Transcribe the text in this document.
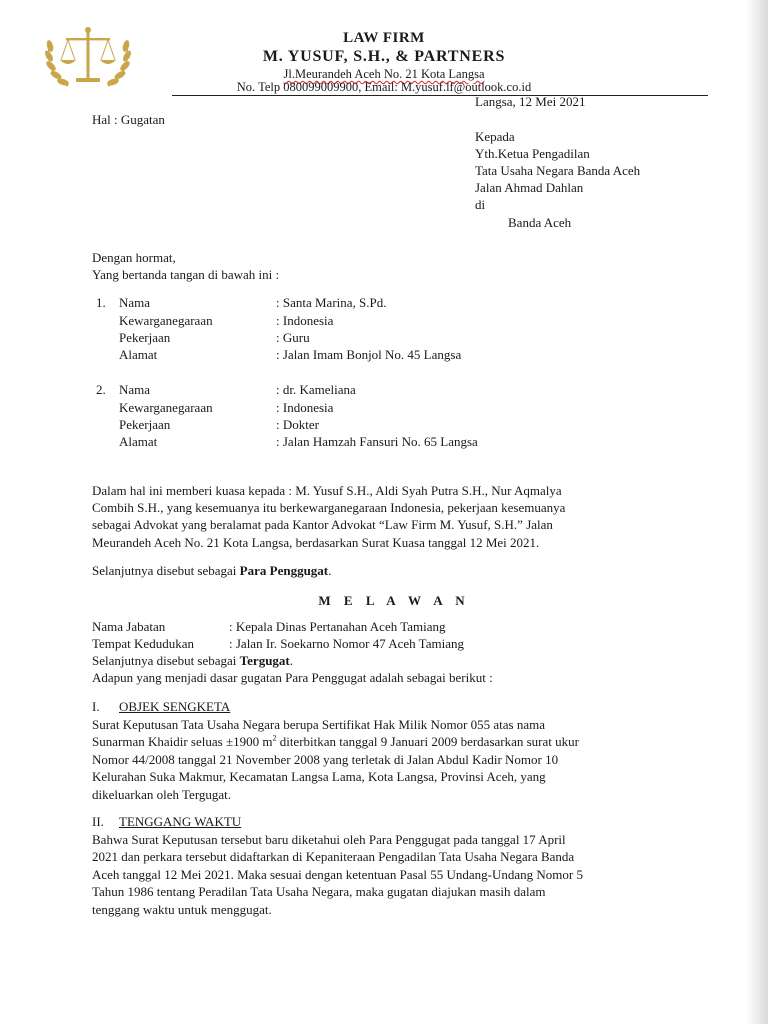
LAW FIRM
M. YUSUF, S.H., & PARTNERS
Jl.Meurandeh Aceh No. 21 Kota Langsa
No. Telp 080099009900, Email: M.yusuf.lf@outlook.co.id
Langsa, 12 Mei 2021
Hal : Gugatan
Kepada
Yth.Ketua Pengadilan
Tata Usaha Negara Banda Aceh
Jalan Ahmad Dahlan
di
Banda Aceh
Dengan hormat,
Yang bertanda tangan di bawah ini :
1. Nama	: Santa Marina, S.Pd.
Kewarganegaraan	: Indonesia
Pekerjaan	: Guru
Alamat	: Jalan Imam Bonjol No. 45 Langsa
2. Nama	: dr. Kameliana
Kewarganegaraan	: Indonesia
Pekerjaan	: Dokter
Alamat	: Jalan Hamzah Fansuri No. 65 Langsa
Dalam hal ini memberi kuasa kepada : M. Yusuf S.H., Aldi Syah Putra S.H., Nur Aqmalya
Combih S.H., yang kesemuanya itu berkewarganegaraan Indonesia, pekerjaan kesemuanya
sebagai Advokat yang beralamat pada Kantor Advokat “Law Firm M. Yusuf, S.H.” Jalan
Meurandeh Aceh No. 21 Kota Langsa, berdasarkan Surat Kuasa tanggal 12 Mei 2021.
Selanjutnya disebut sebagai Para Penggugat.
M E L A W A N
Nama Jabatan	: Kepala Dinas Pertanahan Aceh Tamiang
Tempat Kedudukan	: Jalan Ir. Soekarno Nomor 47 Aceh Tamiang
Selanjutnya disebut sebagai Tergugat.
Adapun yang menjadi dasar gugatan Para Penggugat adalah sebagai berikut :
I. OBJEK SENGKETA
Surat Keputusan Tata Usaha Negara berupa Sertifikat Hak Milik Nomor 055 atas nama
Sunarman Khaidir seluas ±1900 $m^2$ diterbitkan tanggal 9 Januari 2009 berdasarkan surat ukur
Nomor 44/2008 tanggal 21 November 2008 yang terletak di Jalan Abdul Kadir Nomor 10
Kelurahan Suka Makmur, Kecamatan Langsa Lama, Kota Langsa, Provinsi Aceh, yang
dikeluarkan oleh Tergugat.
II. TENGGANG WAKTU
Bahwa Surat Keputusan tersebut baru diketahui oleh Para Penggugat pada tanggal 17 April
2021 dan perkara tersebut didaftarkan di Kepaniteraan Pengadilan Tata Usaha Negara Banda
Aceh tanggal 12 Mei 2021. Maka sesuai dengan ketentuan Pasal 55 Undang-Undang Nomor 5
Tahun 1986 tentang Peradilan Tata Usaha Negara, maka gugatan diajukan masih dalam
tenggang waktu untuk menggugat.
